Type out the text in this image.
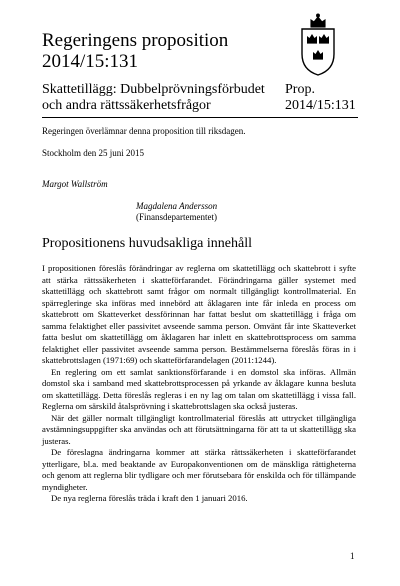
Regeringens proposition
2014/15:131
Skattetillägg: Dubbelprövningsförbudet och andra rättssäkerhetsfrågor
Prop.
2014/15:131
Regeringen överlämnar denna proposition till riksdagen.
Stockholm den 25 juni 2015
Margot Wallström
Magdalena Andersson
(Finansdepartementet)
Propositionens huvudsakliga innehåll

I propositionen föreslås förändringar av reglerna om skattetillägg och skattebrott i syfte att stärka rättssäkerheten i skatteförfarandet. Förändringarna gäller systemet med skattetillägg och skattebrott samt frågor om normalt tillgängligt kontrollmaterial. En spärregleringe ska införas med innebörd att åklagaren inte får inleda en process om skattebrott om Skatteverket dessförinnan har fattat beslut om skattetillägg i fråga om samma felaktighet eller passivitet avseende samma person. Omvänt får inte Skatteverket fatta beslut om skattetillägg om åklagaren har inlett en skattebrottsprocess om samma felaktighet eller passivitet avseende samma person. Bestämmelserna föreslås föras in i skattebrottslagen (1971:69) och skatteförfarandelagen (2011:1244).

En reglering om ett samlat sanktionsförfarande i en domstol ska införas. Allmän domstol ska i samband med skattebrottsprocessen på yrkande av åklagare kunna besluta om skattetillägg. Detta föreslås regleras i en ny lag om talan om skattetillägg i vissa fall. Reglerna om särskild åtalsprövning i skattebrottslagen ska också justeras.

När det gäller normalt tillgängligt kontrollmaterial föreslås att uttrycket tillgängliga avstämningsuppgifter ska användas och att förutsättningarna för att ta ut skattetillägg ska justeras.

De föreslagna ändringarna kommer att stärka rättssäkerheten i skatteförfarandet ytterligare, bl.a. med beaktande av Europakonventionen om de mänskliga rättigheterna och genom att reglerna blir tydligare och mer förutsebara för enskilda och för tillämpande myndigheter.

De nya reglerna föreslås träda i kraft den 1 januari 2016.

1
